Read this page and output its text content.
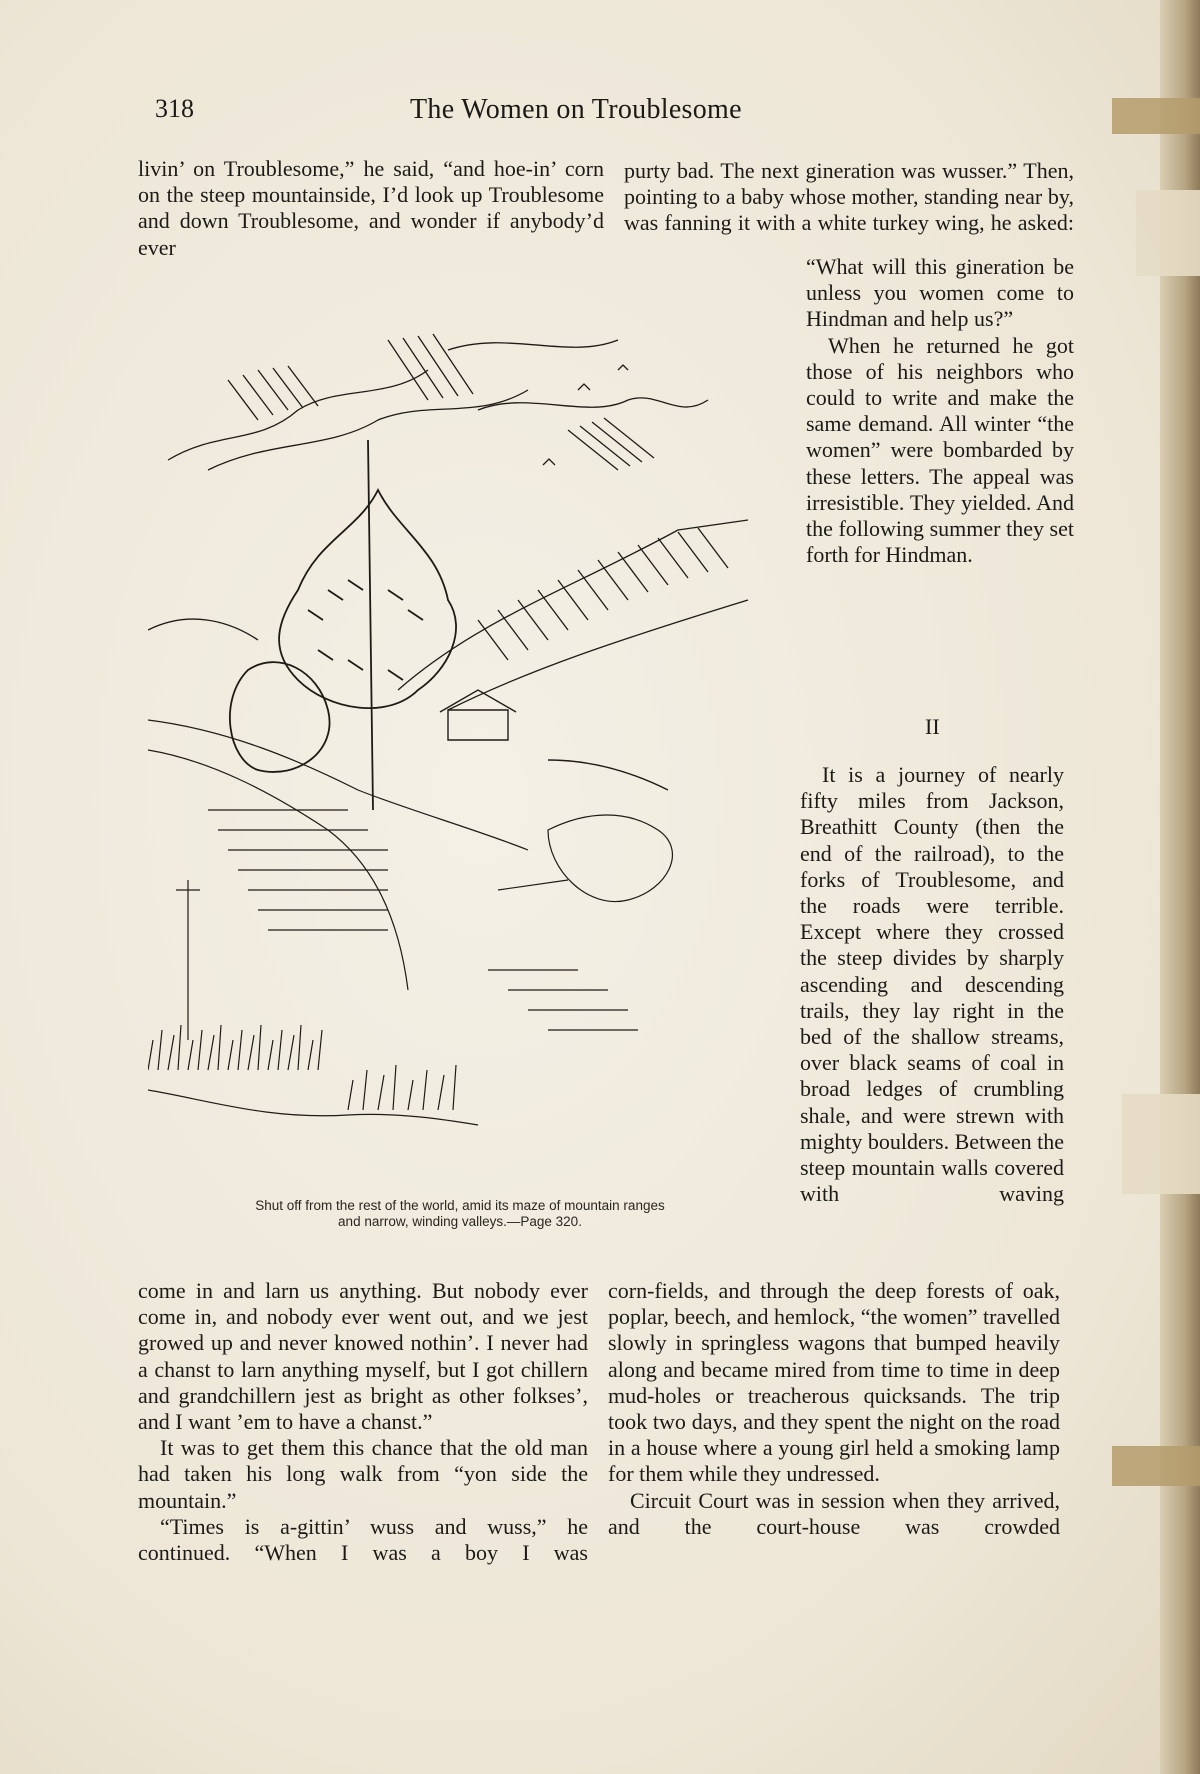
318	The Women on Troublesome

livin’ on Troublesome,” he said, “and hoe-in’ corn on the steep mountainside, I’d look up Troublesome and down Troublesome, and wonder if anybody’d ever

purty bad. The next gineration was wusser.” Then, pointing to a baby whose mother, standing near by, was fanning it with a white turkey wing, he asked:

“What will this gineration be unless you women come to Hindman and help us?”

When he returned he got those of his neighbors who could to write and make the same demand. All winter “the women” were bombarded by these letters. The appeal was irresistible. They yielded. And the following summer they set forth for Hindman.

II

It is a journey of nearly fifty miles from Jackson, Breathitt County (then the end of the railroad), to the forks of Troublesome, and the roads were terrible. Except where they crossed the steep divides by sharply ascending and descending trails, they lay right in the bed of the shallow streams, over black seams of coal in broad ledges of crumbling shale, and were strewn with mighty boulders. Between the steep mountain walls covered with waving

come in and larn us anything. But nobody ever come in, and nobody ever went out, and we jest growed up and never knowed nothin’. I never had a chanst to larn anything myself, but I got chillern and grandchillern jest as bright as other folkses’, and I want ’em to have a chanst.”

It was to get them this chance that the old man had taken his long walk from “yon side the mountain.”

“Times is a-gittin’ wuss and wuss,” he continued. “When I was a boy I was

corn-fields, and through the deep forests of oak, poplar, beech, and hemlock, “the women” travelled slowly in springless wagons that bumped heavily along and became mired from time to time in deep mud-holes or treacherous quicksands. The trip took two days, and they spent the night on the road in a house where a young girl held a smoking lamp for them while they undressed.

Circuit Court was in session when they arrived, and the court-house was crowded

Shut off from the rest of the world, amid its maze of mountain ranges
and narrow, winding valleys.—Page 320.
